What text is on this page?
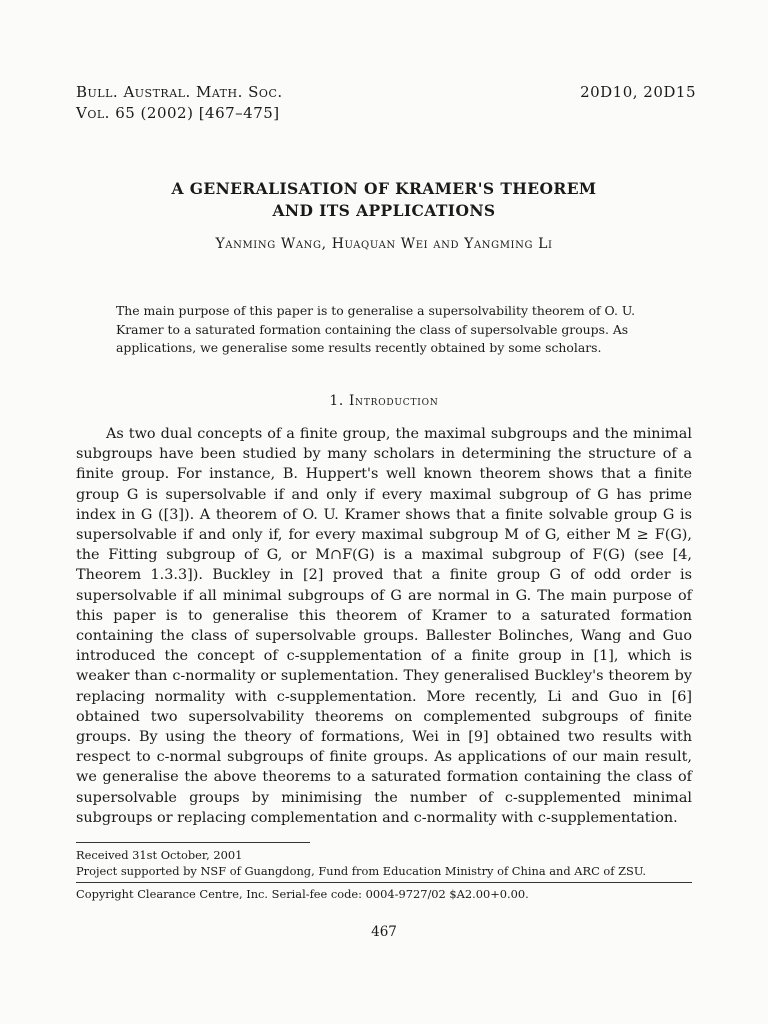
Bull. Austral. Math. Soc.
Vol. 65 (2002) [467–475]
20D10, 20D15
A GENERALISATION OF KRAMER'S THEOREM
AND ITS APPLICATIONS
Yanming Wang, Huaquan Wei and Yangming Li
The main purpose of this paper is to generalise a supersolvability theorem of O. U. Kramer to a saturated formation containing the class of supersolvable groups. As applications, we generalise some results recently obtained by some scholars.
1. Introduction
As two dual concepts of a finite group, the maximal subgroups and the minimal subgroups have been studied by many scholars in determining the structure of a finite group. For instance, B. Huppert's well known theorem shows that a finite group G is supersolvable if and only if every maximal subgroup of G has prime index in G ([3]). A theorem of O. U. Kramer shows that a finite solvable group G is supersolvable if and only if, for every maximal subgroup M of G, either M ≥ F(G), the Fitting subgroup of G, or M∩F(G) is a maximal subgroup of F(G) (see [4, Theorem 1.3.3]). Buckley in [2] proved that a finite group G of odd order is supersolvable if all minimal subgroups of G are normal in G. The main purpose of this paper is to generalise this theorem of Kramer to a saturated formation containing the class of supersolvable groups. Ballester Bolinches, Wang and Guo introduced the concept of c-supplementation of a finite group in [1], which is weaker than c-normality or suplementation. They generalised Buckley's theorem by replacing normality with c-supplementation. More recently, Li and Guo in [6] obtained two supersolvability theorems on complemented subgroups of finite groups. By using the theory of formations, Wei in [9] obtained two results with respect to c-normal subgroups of finite groups. As applications of our main result, we generalise the above theorems to a saturated formation containing the class of supersolvable groups by minimising the number of c-supplemented minimal subgroups or replacing complementation and c-normality with c-supplementation.
Received 31st October, 2001
Project supported by NSF of Guangdong, Fund from Education Ministry of China and ARC of ZSU.
Copyright Clearance Centre, Inc. Serial-fee code: 0004-9727/02 $A2.00+0.00.
467
